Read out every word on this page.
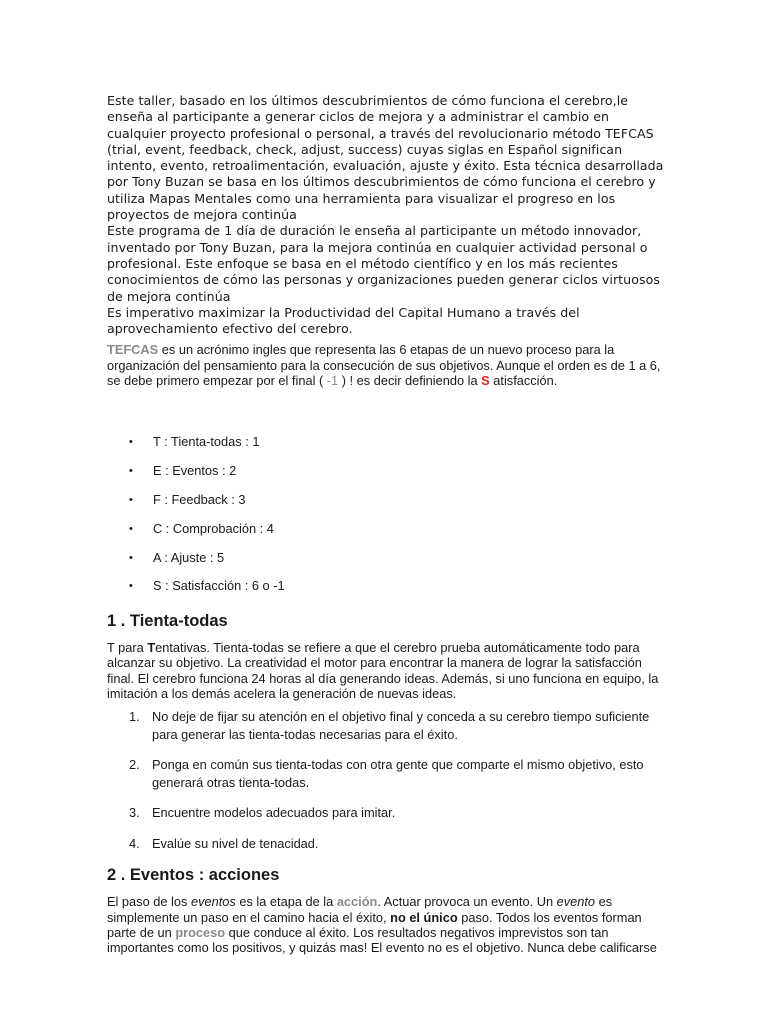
Este taller, basado en los últimos descubrimientos de cómo funciona el cerebro,le enseña al participante a generar ciclos de mejora y a administrar el cambio en cualquier proyecto profesional o personal, a través del revolucionario método TEFCAS (trial, event, feedback, check, adjust, success) cuyas siglas en Español significan intento, evento, retroalimentación, evaluación, ajuste y éxito. Esta técnica desarrollada por Tony Buzan se basa en los últimos descubrimientos de cómo funciona el cerebro y utiliza Mapas Mentales como una herramienta para visualizar el progreso en los proyectos de mejora continúa

Este programa de 1 día de duración le enseña al participante un método innovador, inventado por Tony Buzan, para la mejora continúa en cualquier actividad personal o profesional. Este enfoque se basa en el método científico y en los más recientes conocimientos de cómo las personas y organizaciones pueden generar ciclos virtuosos de mejora continúa

Es imperativo maximizar la Productividad del Capital Humano a través del aprovechamiento efectivo del cerebro.

TEFCAS es un acrónimo ingles que representa las 6 etapas de un nuevo proceso para la organización del pensamiento para la consecución de sus objetivos. Aunque el orden es de 1 a 6, se debe primero empezar por el final ( -1 ) ! es decir definiendo la S atisfacción.

• T : Tienta-todas : 1
• E : Eventos : 2
• F : Feedback : 3
• C : Comprobación : 4
• A : Ajuste : 5
• S : Satisfacción : 6 o -1
1 . Tienta-todas

T para Tentativas. Tienta-todas se refiere a que el cerebro prueba automáticamente todo para alcanzar su objetivo. La creatividad el motor para encontrar la manera de lograr la satisfacción final. El cerebro funciona 24 horas al día generando ideas. Además, si uno funciona en equipo, la imitación a los demás acelera la generación de nuevas ideas.

1. No deje de fijar su atención en el objetivo final y conceda a su cerebro tiempo suficiente para generar las tienta-todas necesarias para el éxito.
2. Ponga en común sus tienta-todas con otra gente que comparte el mismo objetivo, esto generará otras tienta-todas.
3. Encuentre modelos adecuados para imitar.
4. Evalúe su nivel de tenacidad.
2 . Eventos : acciones

El paso de los eventos es la etapa de la acción. Actuar provoca un evento. Un evento es simplemente un paso en el camino hacia el éxito, no el único paso. Todos los eventos forman parte de un proceso que conduce al éxito. Los resultados negativos imprevistos son tan importantes como los positivos, y quizás mas! El evento no es el objetivo. Nunca debe calificarse
